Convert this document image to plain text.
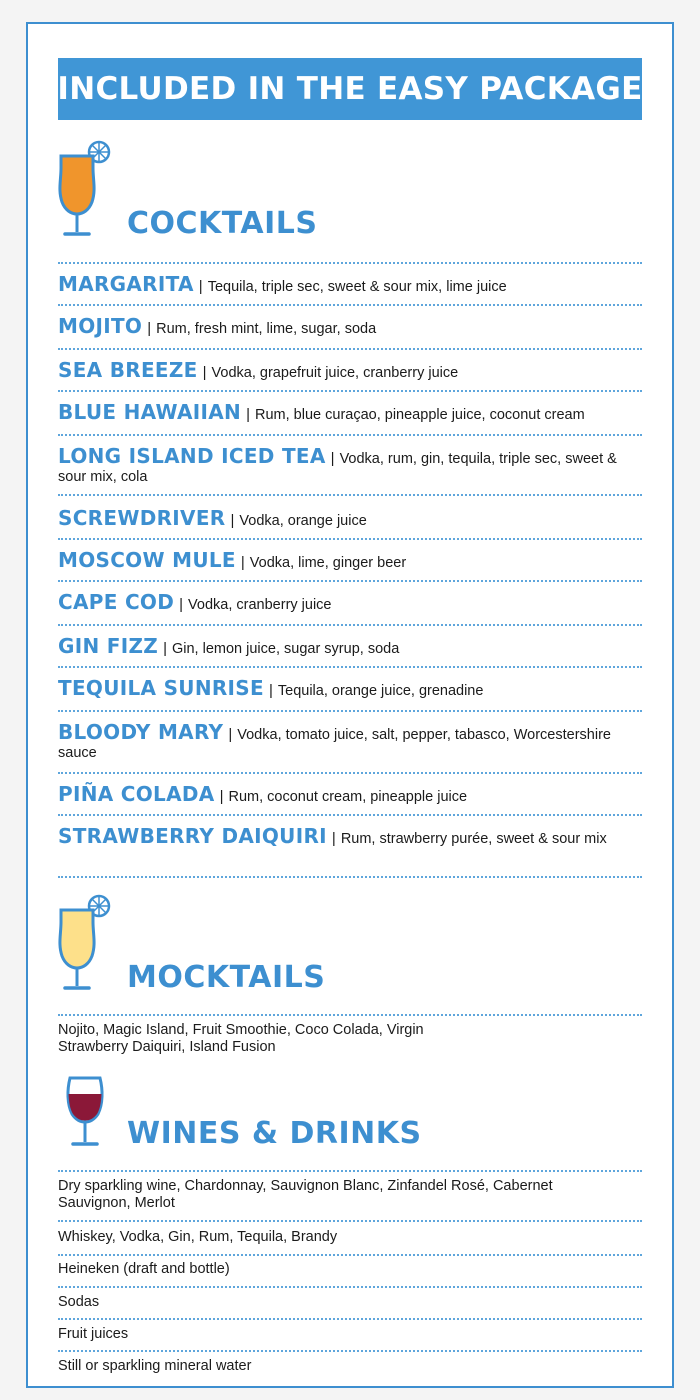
INCLUDED IN THE EASY PACKAGE
COCKTAILS
MARGARITA | Tequila, triple sec, sweet & sour mix, lime juice
MOJITO | Rum, fresh mint, lime, sugar, soda
SEA BREEZE | Vodka, grapefruit juice, cranberry juice
BLUE HAWAIIAN | Rum, blue curaçao, pineapple juice, coconut cream
LONG ISLAND ICED TEA | Vodka, rum, gin, tequila, triple sec, sweet & sour mix, cola
SCREWDRIVER | Vodka, orange juice
MOSCOW MULE | Vodka, lime, ginger beer
CAPE COD | Vodka, cranberry juice
GIN FIZZ | Gin, lemon juice, sugar syrup, soda
TEQUILA SUNRISE | Tequila, orange juice, grenadine
BLOODY MARY | Vodka, tomato juice, salt, pepper, tabasco, Worcestershire sauce
PIÑA COLADA | Rum, coconut cream, pineapple juice
STRAWBERRY DAIQUIRI | Rum, strawberry purée, sweet & sour mix
MOCKTAILS
Nojito, Magic Island, Fruit Smoothie, Coco Colada, Virgin Strawberry Daiquiri, Island Fusion
WINES & DRINKS
Dry sparkling wine, Chardonnay, Sauvignon Blanc, Zinfandel Rosé, Cabernet Sauvignon, Merlot
Whiskey, Vodka, Gin, Rum, Tequila, Brandy
Heineken (draft and bottle)
Sodas
Fruit juices
Still or sparkling mineral water
